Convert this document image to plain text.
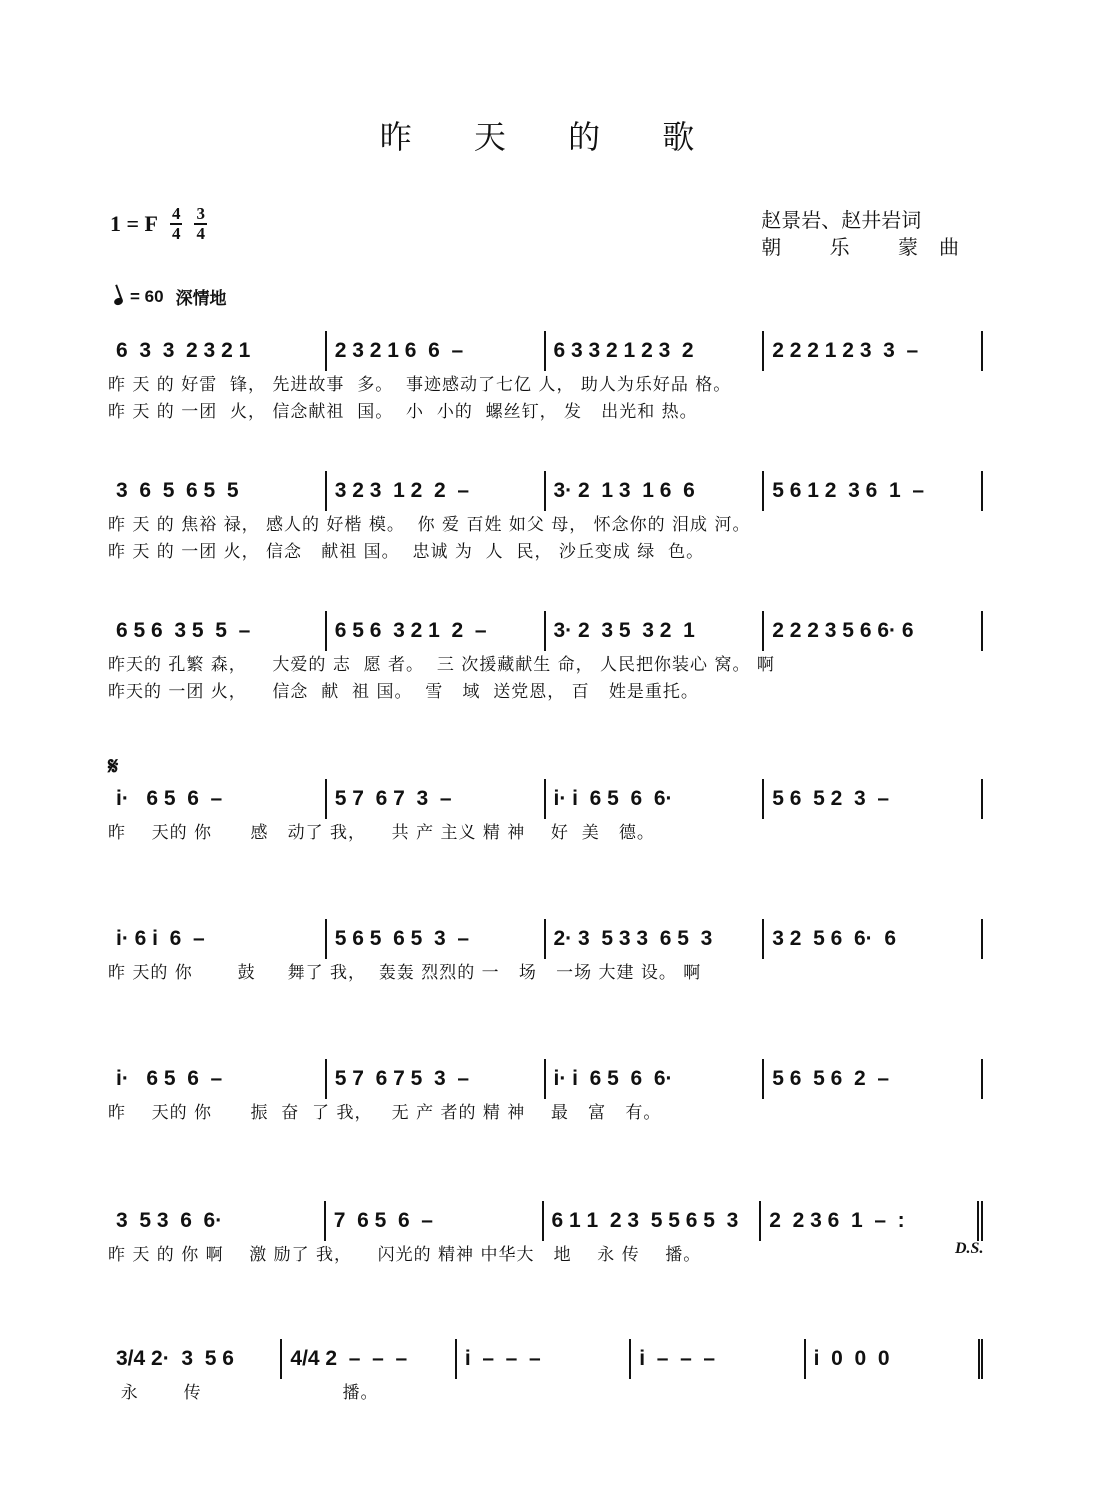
昨 天 的 歌
1 = F $\frac{4}{4} \frac{3}{4}$	赵景岩、赵井岩词
朝 乐 蒙曲
= 60 深情地
𝄋
D.S.
6  3  3  2 3 2 1	2 3 2 1 6  6  –	6 3 3 2 1 2 3  2	2 2 2 1 2 3  3  –
昨 天 的 好雷  锋， 先进故事  多。  事迹感动了七亿 人， 助人为乐好品 格。
昨 天 的 一团  火， 信念献祖  国。  小  小的  螺丝钉， 发   出光和 热。
3  6  5  6 5  5	3 2 3  1 2  2  –	3· 2  1 3  1 6  6	5 6 1 2  3 6  1  –
昨 天 的 焦裕 禄， 感人的 好楷 模。  你 爱 百姓 如父 母， 怀念你的 泪成 河。
昨 天 的 一团 火， 信念   献祖 国。  忠诚 为  人  民， 沙丘变成 绿  色。
6 5 6  3 5  5  –	6 5 6  3 2 1  2  –	3· 2  3 5  3 2  1	2 2 2 3 5 6 6· 6
昨天的 孔繁 森，    大爱的 志  愿 者。  三 次援藏献生 命， 人民把你装心 窝。 啊
昨天的 一团 火，    信念  献  祖 国。  雪   域  送党恩， 百   姓是重托。
i·   6 5  6  –	5 7  6 7  3  –	i· i  6 5  6  6·	5 6  5 2  3  –
昨    天的 你      感   动了 我，    共 产 主义 精 神    好  美   德。
i· 6 i  6  –	5 6 5  6 5  3  –	2· 3  5 3 3  6 5  3	3 2  5 6  6·  6
昨 天的 你       鼓     舞了 我，  轰轰 烈烈的 一   场   一场 大建 设。 啊
i·   6 5  6  –	5 7  6 7 5  3  –	i· i  6 5  6  6·	5 6  5 6  2  –
昨    天的 你      振  奋  了 我，   无 产 者的 精 神    最   富   有。
3  5 3  6  6·	7  6 5  6  –	6 1 1  2 3  5 5 6 5  3	2  2 3 6  1  –  :
昨 天 的 你 啊    激 励了 我，    闪光的 精神 中华大   地    永 传    播。
3/4 2·  3  5 6	4/4 2  –  –  –	i  –  –  –	i  –  –  –	i  0  0  0
永       传                      播。
